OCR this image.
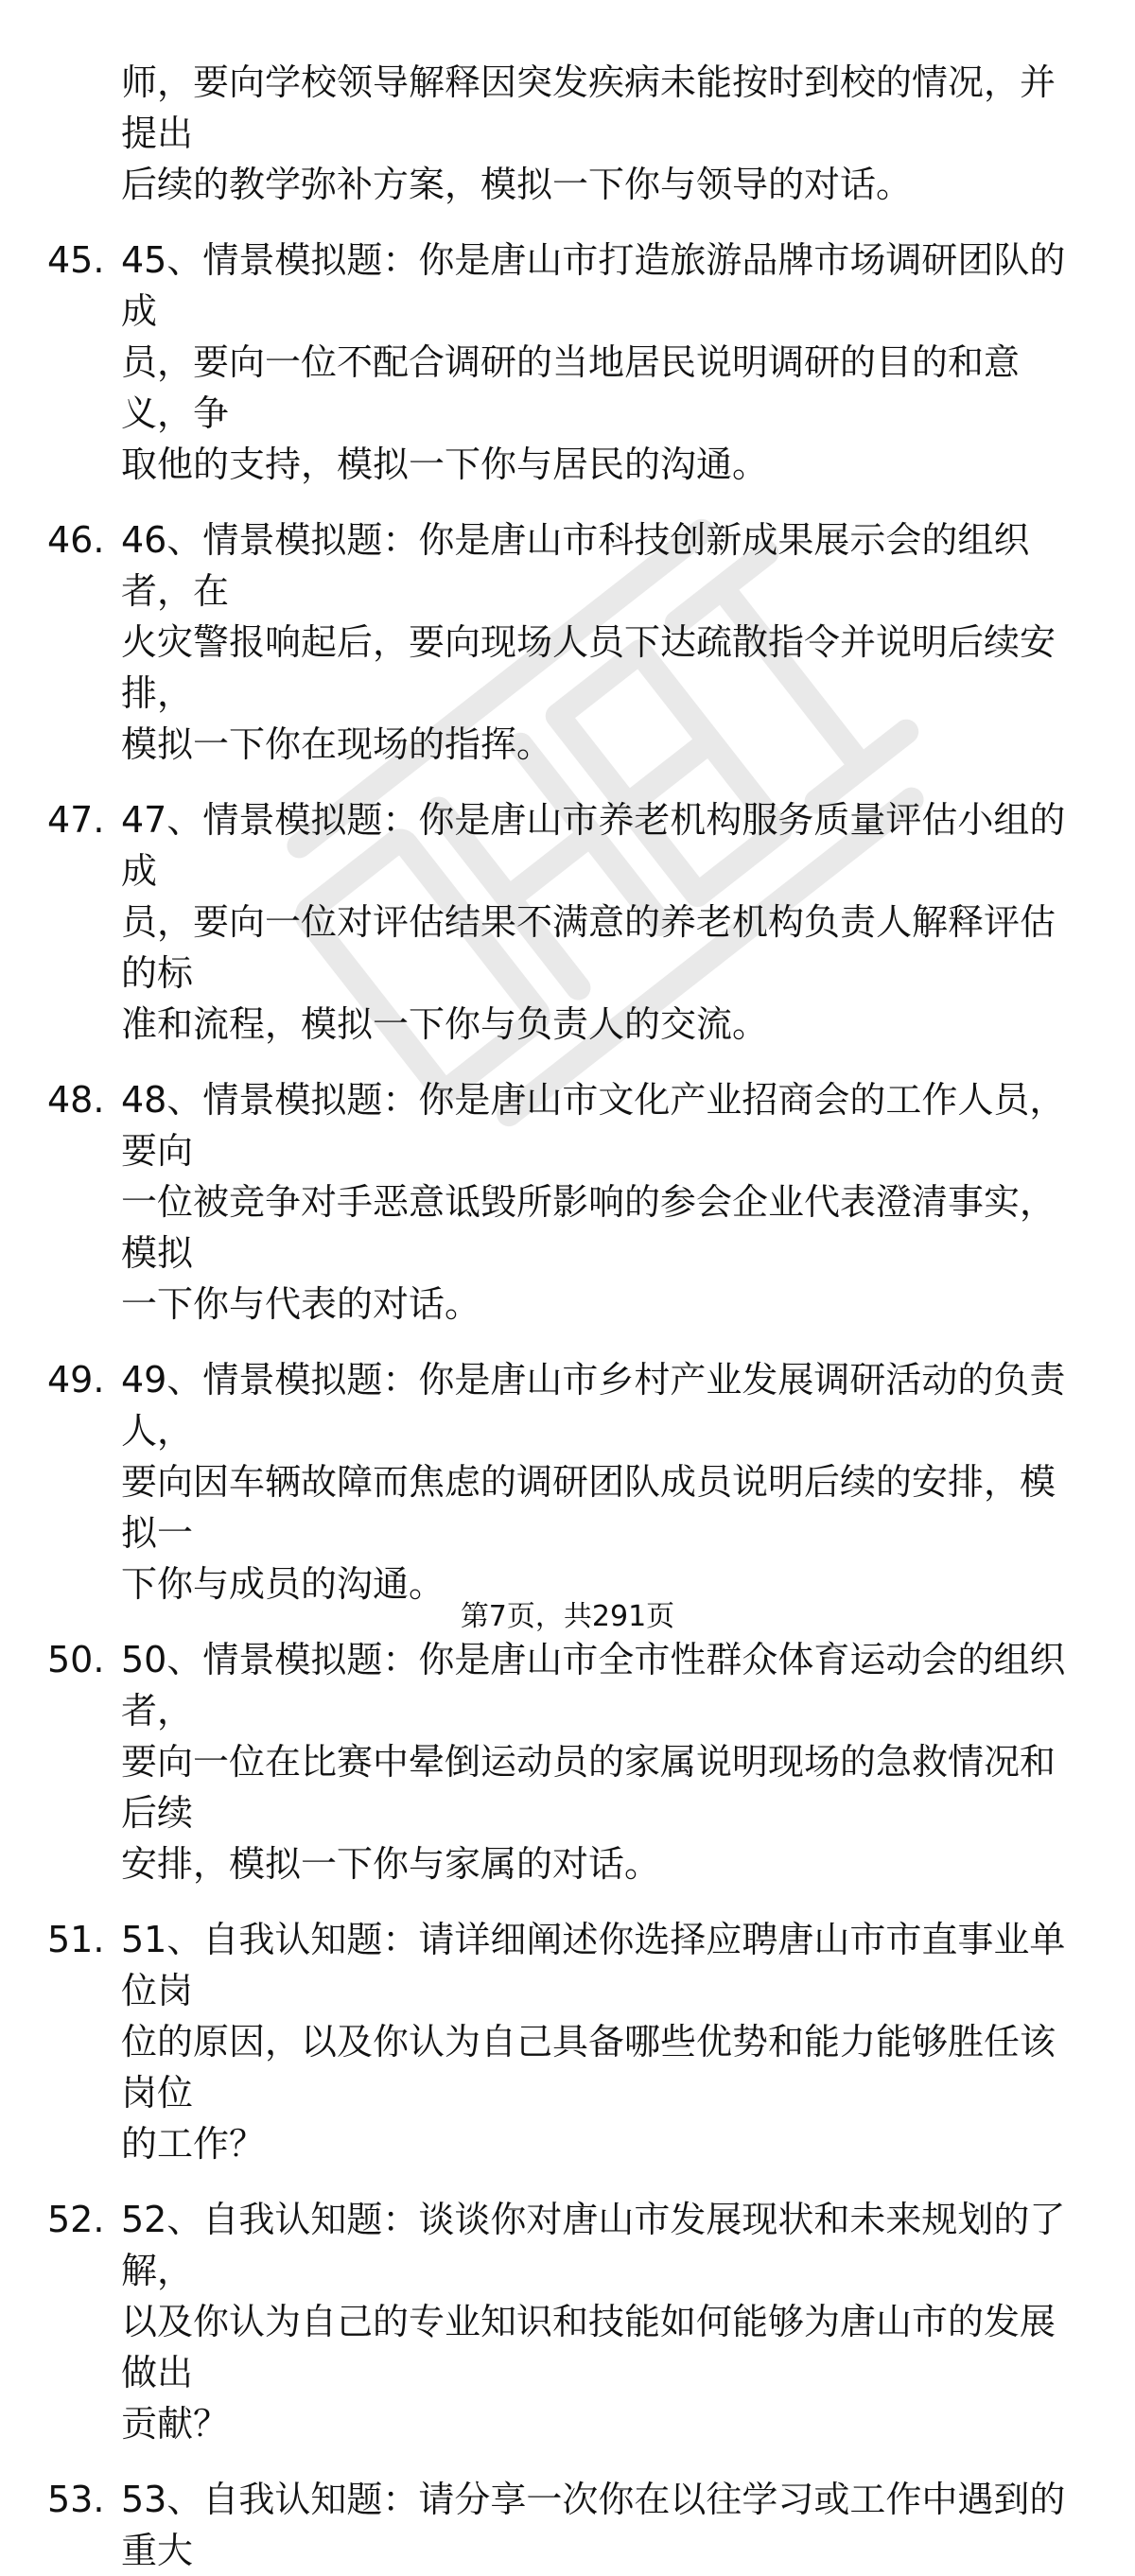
师，要向学校领导解释因突发疾病未能按时到校的情况，并提出
后续的教学弥补方案，模拟一下你与领导的对话。
45. 45、情景模拟题：你是唐山市打造旅游品牌市场调研团队的成
员，要向一位不配合调研的当地居民说明调研的目的和意义，争
取他的支持，模拟一下你与居民的沟通。
46. 46、情景模拟题：你是唐山市科技创新成果展示会的组织者，在
火灾警报响起后，要向现场人员下达疏散指令并说明后续安排，
模拟一下你在现场的指挥。
47. 47、情景模拟题：你是唐山市养老机构服务质量评估小组的成
员，要向一位对评估结果不满意的养老机构负责人解释评估的标
准和流程，模拟一下你与负责人的交流。
48. 48、情景模拟题：你是唐山市文化产业招商会的工作人员，要向
一位被竞争对手恶意诋毁所影响的参会企业代表澄清事实，模拟
一下你与代表的对话。
49. 49、情景模拟题：你是唐山市乡村产业发展调研活动的负责人，
要向因车辆故障而焦虑的调研团队成员说明后续的安排，模拟一
下你与成员的沟通。
50. 50、情景模拟题：你是唐山市全市性群众体育运动会的组织者，
要向一位在比赛中晕倒运动员的家属说明现场的急救情况和后续
安排，模拟一下你与家属的对话。
51. 51、自我认知题：请详细阐述你选择应聘唐山市市直事业单位岗
位的原因，以及你认为自己具备哪些优势和能力能够胜任该岗位
的工作？
52. 52、自我认知题：谈谈你对唐山市发展现状和未来规划的了解，
以及你认为自己的专业知识和技能如何能够为唐山市的发展做出
贡献？
53. 53、自我认知题：请分享一次你在以往学习或工作中遇到的重大
第7页，共291页
